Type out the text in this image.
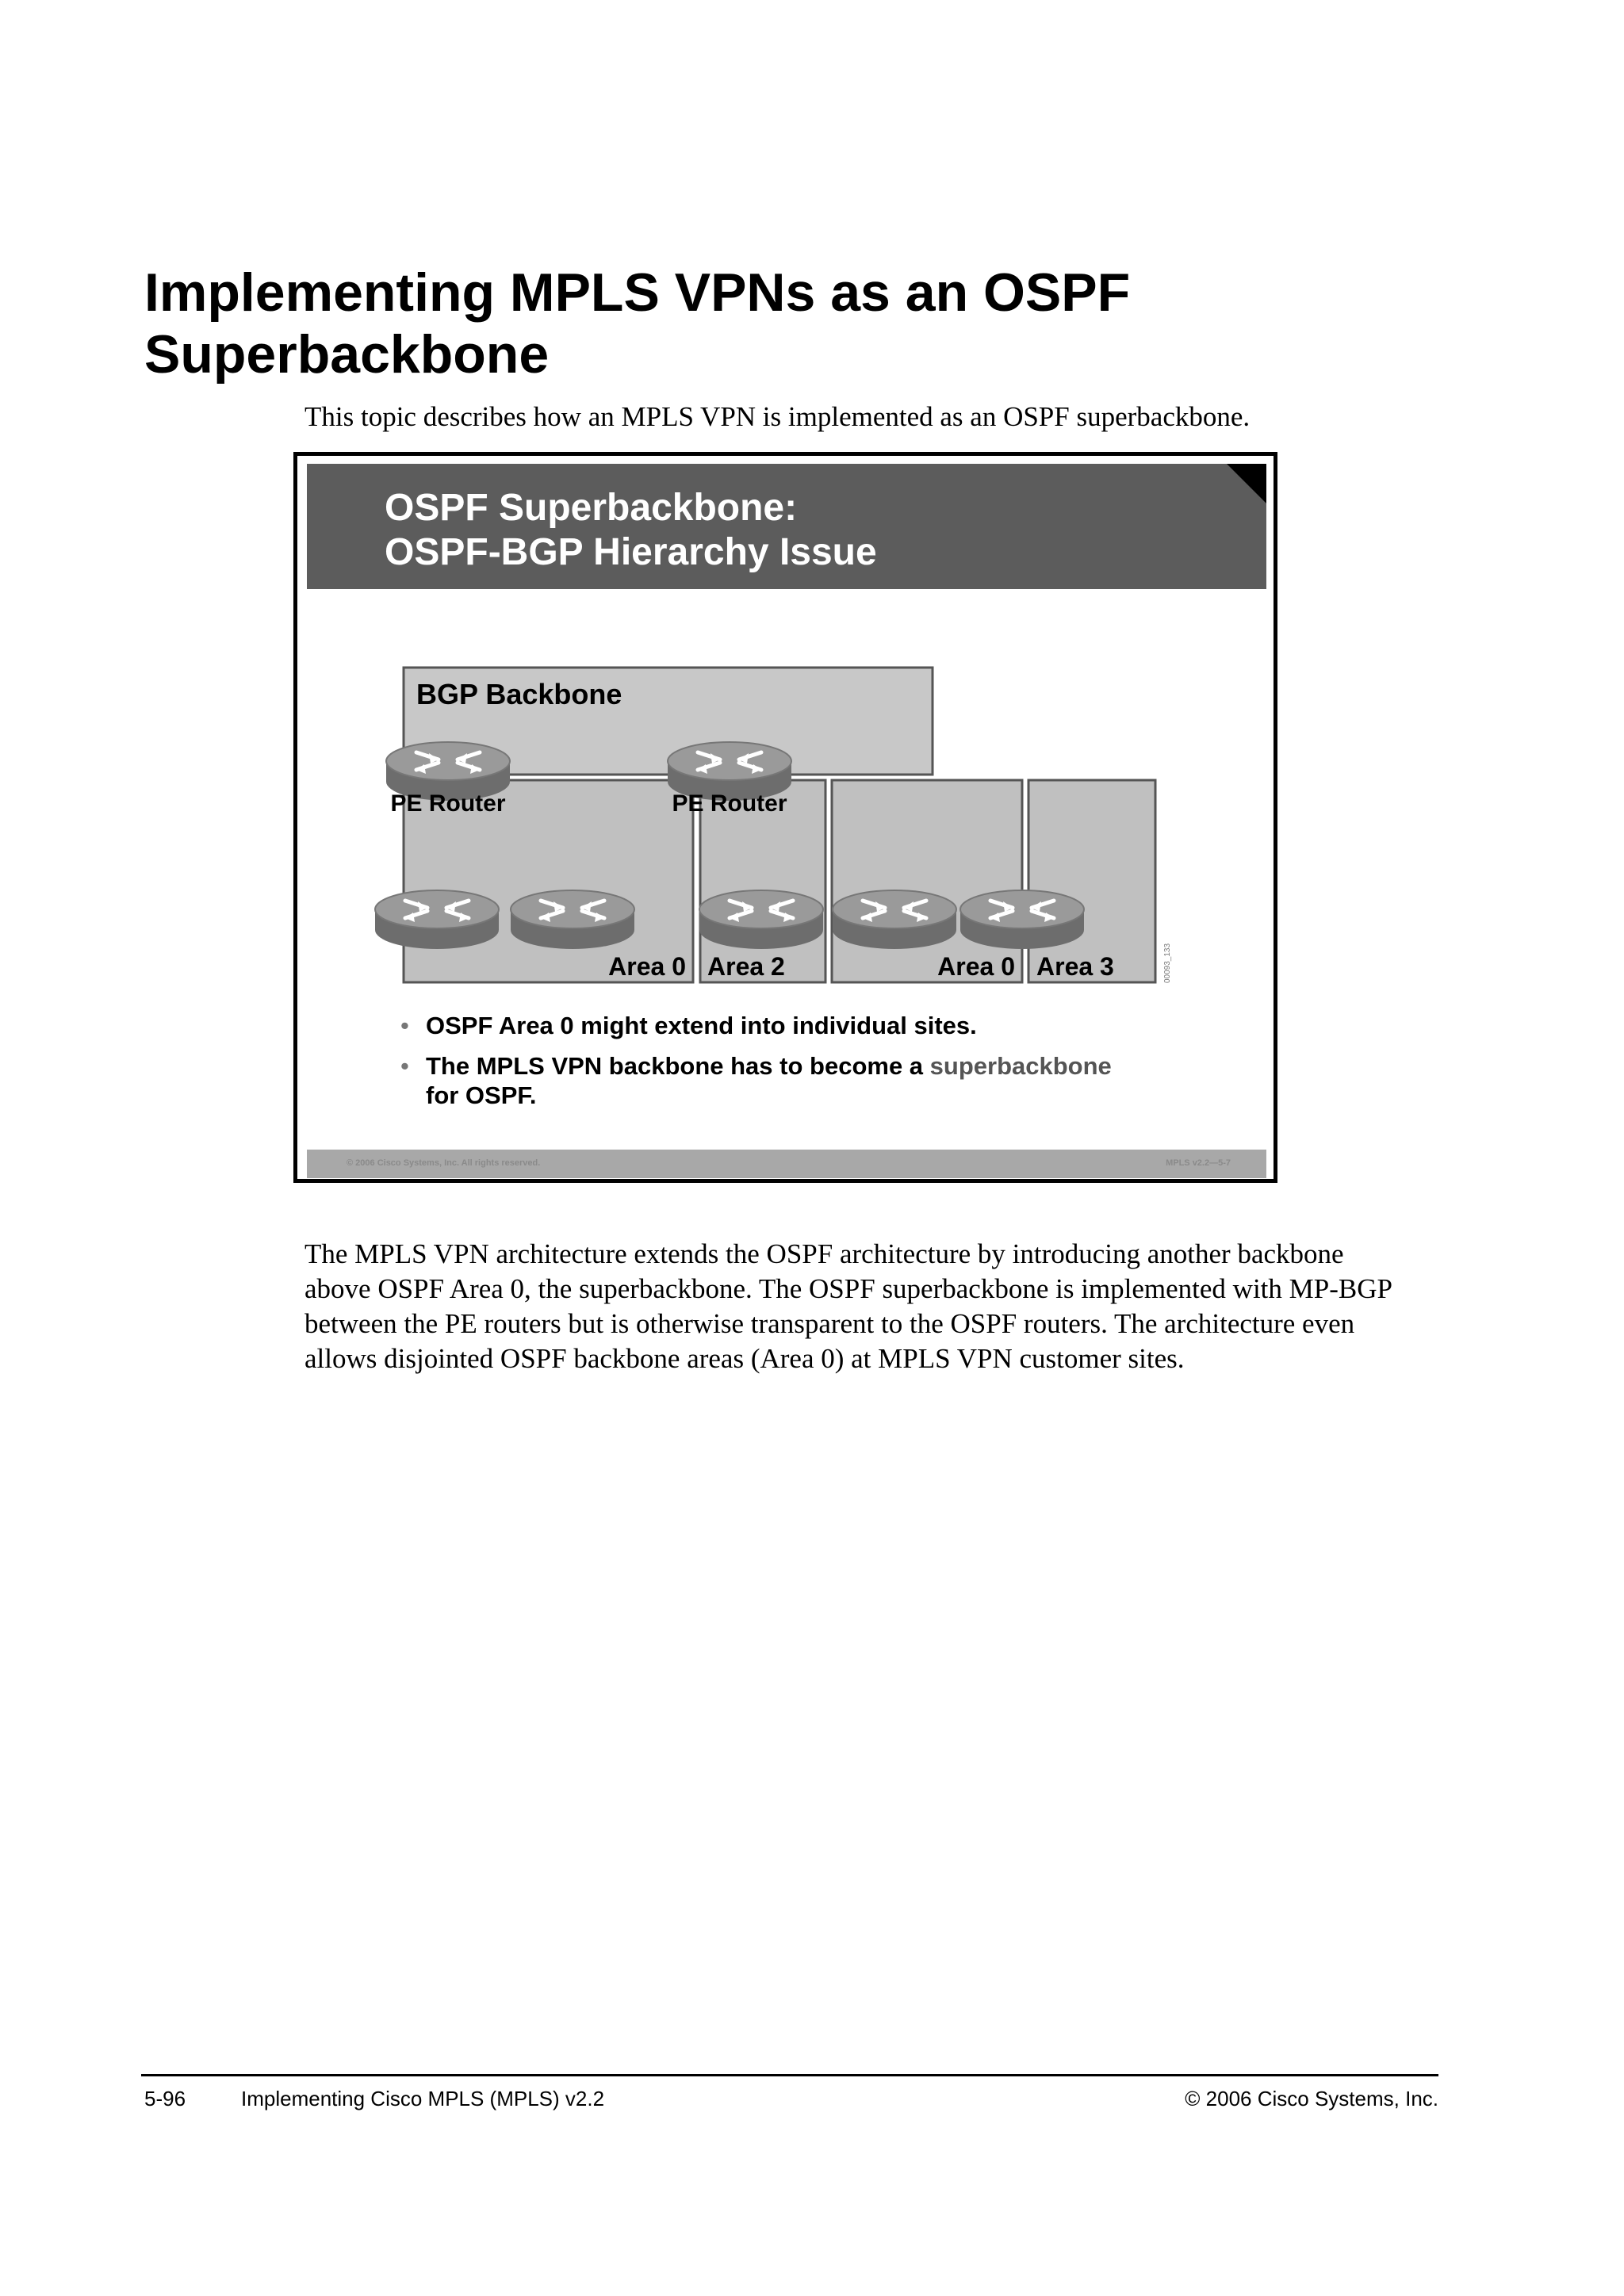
Implementing MPLS VPNs as an OSPF
Superbackbone
This topic describes how an MPLS VPN is implemented as an OSPF superbackbone.
OSPF Superbackbone:
OSPF-BGP Hierarchy Issue
BGP Backbone
PE Router	PE Router
Area 0 Area 2	Area 0 Area 3	00093_133
• OSPF Area 0 might extend into individual sites.
• The MPLS VPN backbone has to become a superbackbone
for OSPF.
© 2006 Cisco Systems, Inc. All rights reserved.	MPLS v2.2—5-7
The MPLS VPN architecture extends the OSPF architecture by introducing another backbone above OSPF Area 0, the superbackbone. The OSPF superbackbone is implemented with MP-BGP between the PE routers but is otherwise transparent to the OSPF routers. The architecture even allows disjointed OSPF backbone areas (Area 0) at MPLS VPN customer sites.
5-96	Implementing Cisco MPLS (MPLS) v2.2	© 2006 Cisco Systems, Inc.
